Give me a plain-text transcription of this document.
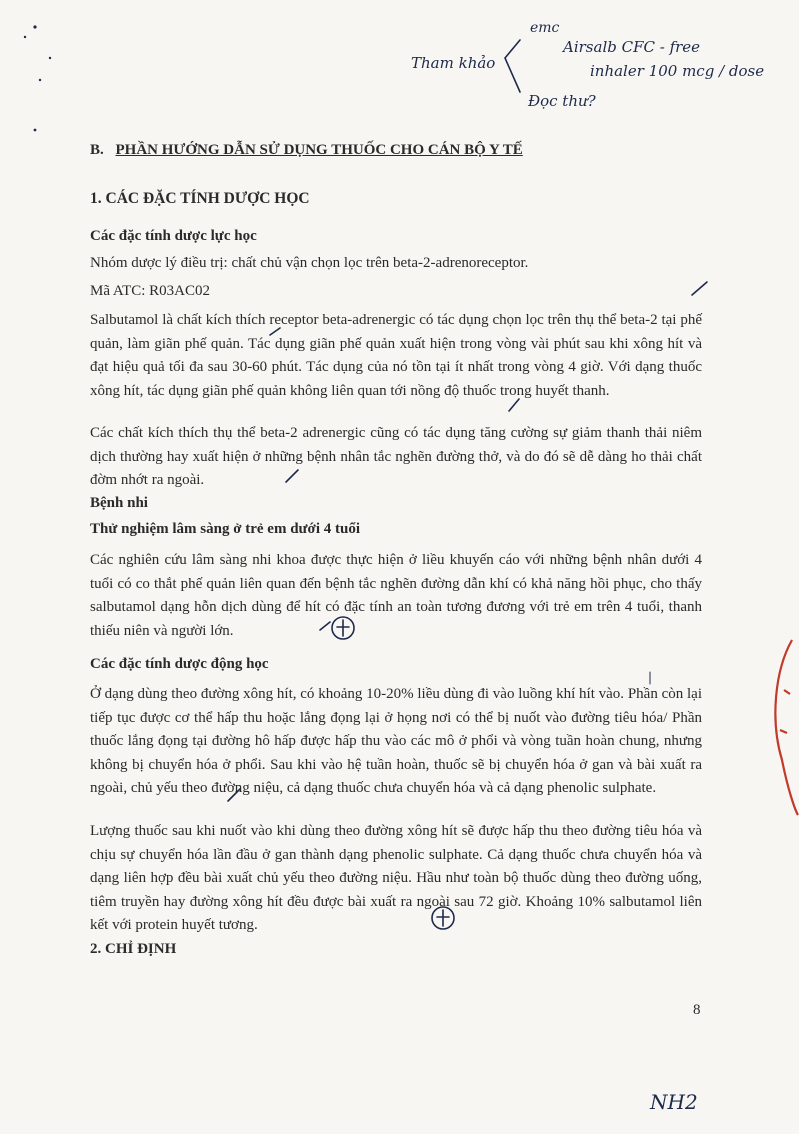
Tham khảo
emc
Airsalb CFC - free
inhaler 100 mcg / dose
Đọc thư?
NH2
B. PHẦN HƯỚNG DẪN SỬ DỤNG THUỐC CHO CÁN BỘ Y TẾ
1. CÁC ĐẶC TÍNH DƯỢC HỌC
Các đặc tính dược lực học
Nhóm dược lý điều trị: chất chủ vận chọn lọc trên beta-2-adrenoreceptor.
Mã ATC: R03AC02
Salbutamol là chất kích thích receptor beta-adrenergic có tác dụng chọn lọc trên thụ thể beta-2 tại phế quản, làm giãn phế quản. Tác dụng giãn phế quản xuất hiện trong vòng vài phút sau khi xông hít và đạt hiệu quả tối đa sau 30-60 phút. Tác dụng của nó tồn tại ít nhất trong vòng 4 giờ. Với dạng thuốc xông hít, tác dụng giãn phế quản không liên quan tới nồng độ thuốc trong huyết thanh.
Các chất kích thích thụ thể beta-2 adrenergic cũng có tác dụng tăng cường sự giảm thanh thải niêm dịch thường hay xuất hiện ở những bệnh nhân tắc nghẽn đường thở, và do đó sẽ dễ dàng ho thải chất đờm nhớt ra ngoài.
Bệnh nhi
Thử nghiệm lâm sàng ở trẻ em dưới 4 tuổi
Các nghiên cứu lâm sàng nhi khoa được thực hiện ở liều khuyến cáo với những bệnh nhân dưới 4 tuổi có co thắt phế quản liên quan đến bệnh tắc nghẽn đường dẫn khí có khả năng hồi phục, cho thấy salbutamol dạng hỗn dịch dùng để hít có đặc tính an toàn tương đương với trẻ em trên 4 tuổi, thanh thiếu niên và người lớn.
Các đặc tính dược động học
Ở dạng dùng theo đường xông hít, có khoảng 10-20% liều dùng đi vào luồng khí hít vào. Phần còn lại tiếp tục được cơ thể hấp thu hoặc lắng đọng lại ở họng nơi có thể bị nuốt vào đường tiêu hóa/ Phần thuốc lắng đọng tại đường hô hấp được hấp thu vào các mô ở phổi và vòng tuần hoàn chung, nhưng không bị chuyển hóa ở phổi. Sau khi vào hệ tuần hoàn, thuốc sẽ bị chuyển hóa ở gan và bài xuất ra ngoài, chủ yếu theo đường niệu, cả dạng thuốc chưa chuyển hóa và cả dạng phenolic sulphate.
Lượng thuốc sau khi nuốt vào khi dùng theo đường xông hít sẽ được hấp thu theo đường tiêu hóa và chịu sự chuyển hóa lần đầu ở gan thành dạng phenolic sulphate. Cả dạng thuốc chưa chuyển hóa và dạng liên hợp đều bài xuất chủ yếu theo đường niệu. Hầu như toàn bộ thuốc dùng theo đường uống, tiêm truyền hay đường xông hít đều được bài xuất ra ngoài sau 72 giờ. Khoảng 10% salbutamol liên kết với protein huyết tương.
2. CHỈ ĐỊNH
8
